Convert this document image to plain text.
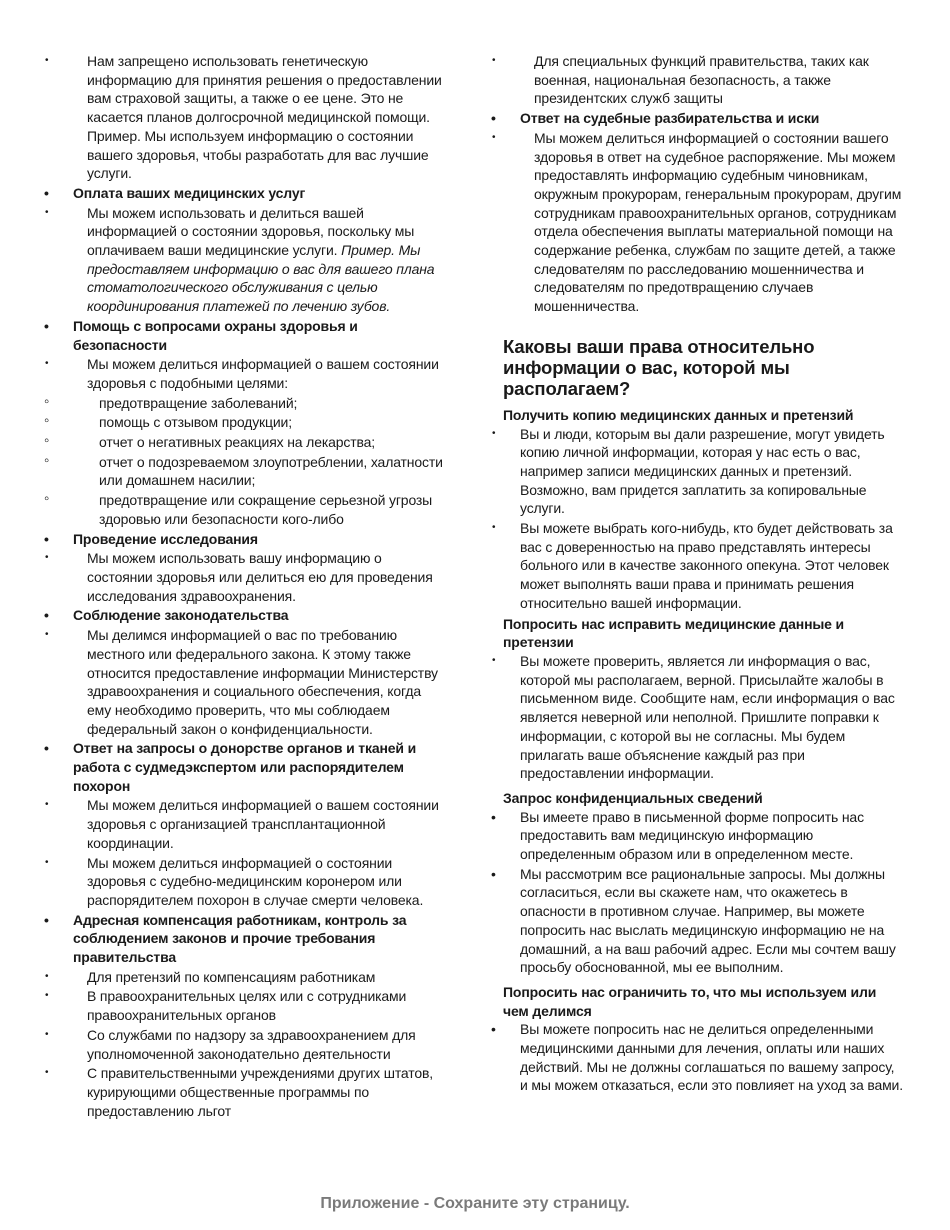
• Нам запрещено использовать генетическую информацию для принятия решения о предоставлении вам страховой защиты, а также о ее цене. Это не касается планов долгосрочной медицинской помощи. Пример. Мы используем информацию о состоянии вашего здоровья, чтобы разработать для вас лучшие услуги.
• Оплата ваших медицинских услуг
• Мы можем использовать и делиться вашей информацией о состоянии здоровья, поскольку мы оплачиваем ваши медицинские услуги. Пример. Мы предоставляем информацию о вас для вашего плана стоматологического обслуживания с целью координирования платежей по лечению зубов.
• Помощь с вопросами охраны здоровья и безопасности
• Мы можем делиться информацией о вашем состоянии здоровья с подобными целями:
◦ предотвращение заболеваний;
◦ помощь с отзывом продукции;
◦ отчет о негативных реакциях на лекарства;
◦ отчет о подозреваемом злоупотреблении, халатности или домашнем насилии;
◦ предотвращение или сокращение серьезной угрозы здоровью или безопасности кого-либо
• Проведение исследования
• Мы можем использовать вашу информацию о состоянии здоровья или делиться ею для проведения исследования здравоохранения.
• Соблюдение законодательства
• Мы делимся информацией о вас по требованию местного или федерального закона. К этому также относится предоставление информации Министерству здравоохранения и социального обеспечения, когда ему необходимо проверить, что мы соблюдаем федеральный закон о конфиденциальности.
• Ответ на запросы о донорстве органов и тканей и работа с судмедэкспертом или распорядителем похорон
• Мы можем делиться информацией о вашем состоянии здоровья с организацией трансплантационной координации.
• Мы можем делиться информацией о состоянии здоровья с судебно-медицинским коронером или распорядителем похорон в случае смерти человека.
• Адресная компенсация работникам, контроль за соблюдением законов и прочие требования правительства
• Для претензий по компенсациям работникам
• В правоохранительных целях или с сотрудниками правоохранительных органов
• Со службами по надзору за здравоохранением для уполномоченной законодательно деятельности
• С правительственными учреждениями других штатов, курирующими общественные программы по предоставлению льгот
• Для специальных функций правительства, таких как военная, национальная безопасность, а также президентских служб защиты
• Ответ на судебные разбирательства и иски
• Мы можем делиться информацией о состоянии вашего здоровья в ответ на судебное распоряжение. Мы можем предоставлять информацию судебным чиновникам, окружным прокурорам, генеральным прокурорам, другим сотрудникам правоохранительных органов, сотрудникам отдела обеспечения выплаты материальной помощи на содержание ребенка, службам по защите детей, а также следователям по расследованию мошенничества и следователям по предотвращению случаев мошенничества.
Каковы ваши права относительно информации о вас, которой мы располагаем?
Получить копию медицинских данных и претензий
• Вы и люди, которым вы дали разрешение, могут увидеть копию личной информации, которая у нас есть о вас, например записи медицинских данных и претензий. Возможно, вам придется заплатить за копировальные услуги.
• Вы можете выбрать кого-нибудь, кто будет действовать за вас с доверенностью на право представлять интересы больного или в качестве законного опекуна. Этот человек может выполнять ваши права и принимать решения относительно вашей информации.
Попросить нас исправить медицинские данные и претензии
• Вы можете проверить, является ли информация о вас, которой мы располагаем, верной. Присылайте жалобы в письменном виде. Сообщите нам, если информация о вас является неверной или неполной. Пришлите поправки к информации, с которой вы не согласны. Мы будем прилагать ваше объяснение каждый раз при предоставлении информации.
Запрос конфиденциальных сведений
• Вы имеете право в письменной форме попросить нас предоставить вам медицинскую информацию определенным образом или в определенном месте.
• Мы рассмотрим все рациональные запросы. Мы должны согласиться, если вы скажете нам, что окажетесь в опасности в противном случае. Например, вы можете попросить нас выслать медицинскую информацию не на домашний, а на ваш рабочий адрес. Если мы сочтем вашу просьбу обоснованной, мы ее выполним.
Попросить нас ограничить то, что мы используем или чем делимся
• Вы можете попросить нас не делиться определенными медицинскими данными для лечения, оплаты или наших действий. Мы не должны соглашаться по вашему запросу, и мы можем отказаться, если это повлияет на уход за вами.
Приложение - Сохраните эту страницу.
